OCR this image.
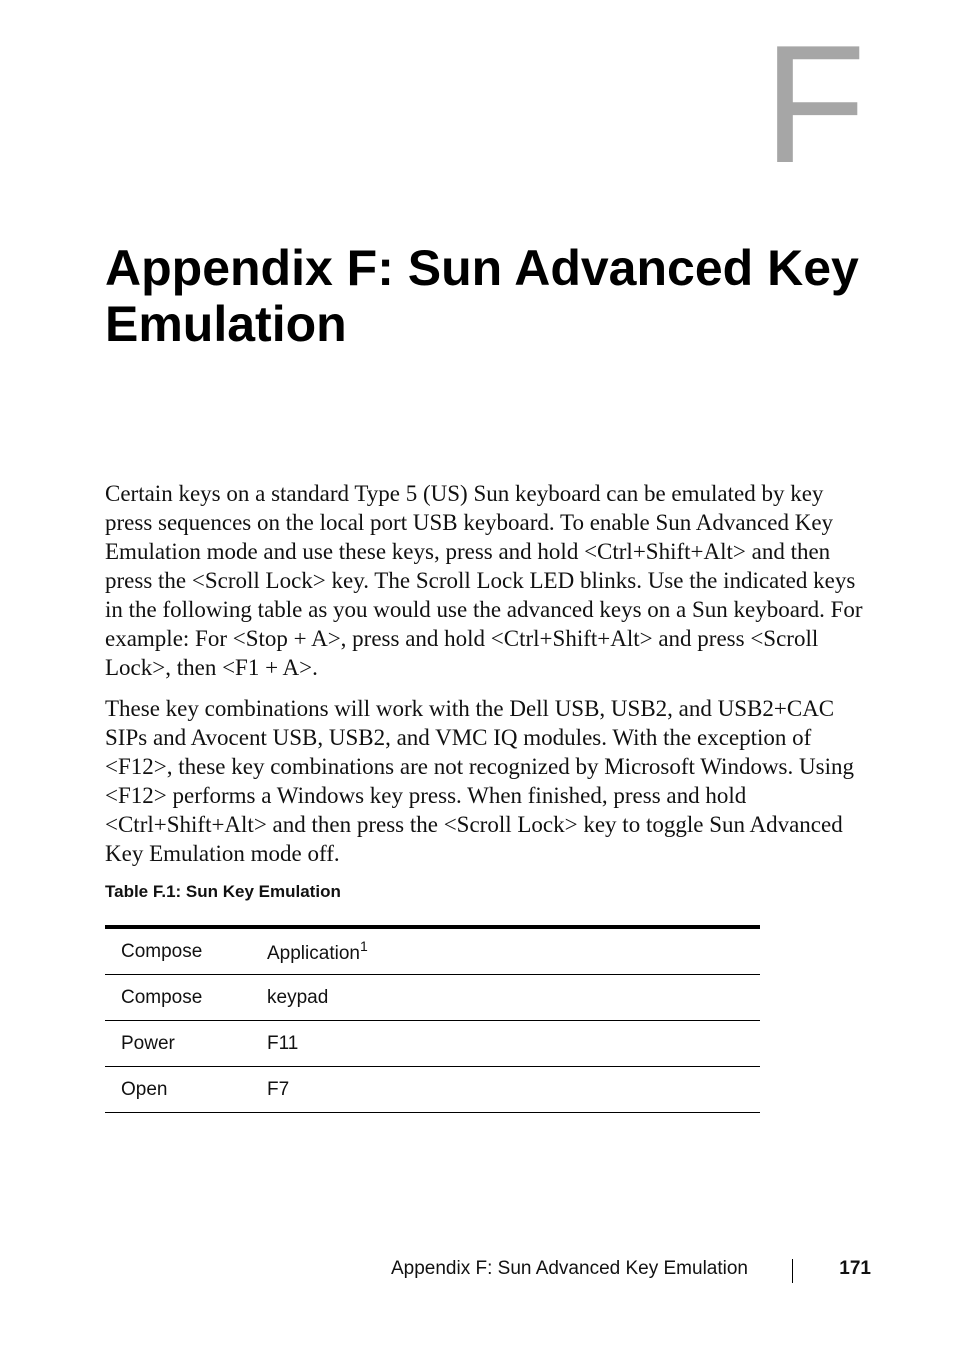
F
Appendix F: Sun Advanced Key Emulation

Certain keys on a standard Type 5 (US) Sun keyboard can be emulated by key press sequences on the local port USB keyboard. To enable Sun Advanced Key Emulation mode and use these keys, press and hold <Ctrl+Shift+Alt> and then press the <Scroll Lock> key. The Scroll Lock LED blinks. Use the indicated keys in the following table as you would use the advanced keys on a Sun keyboard. For example: For <Stop + A>, press and hold <Ctrl+Shift+Alt> and press <Scroll Lock>, then <F1 + A>.

These key combinations will work with the Dell USB, USB2, and USB2+CAC SIPs and Avocent USB, USB2, and VMC IQ modules. With the exception of <F12>, these key combinations are not recognized by Microsoft Windows. Using <F12> performs a Windows key press. When finished, press and hold <Ctrl+Shift+Alt> and then press the <Scroll Lock> key to toggle Sun Advanced Key Emulation mode off.

Table F.1: Sun Key Emulation

Compose	Application$^1$
Compose	keypad
Power	F11
Open	F7
Appendix F: Sun Advanced Key Emulation	171
